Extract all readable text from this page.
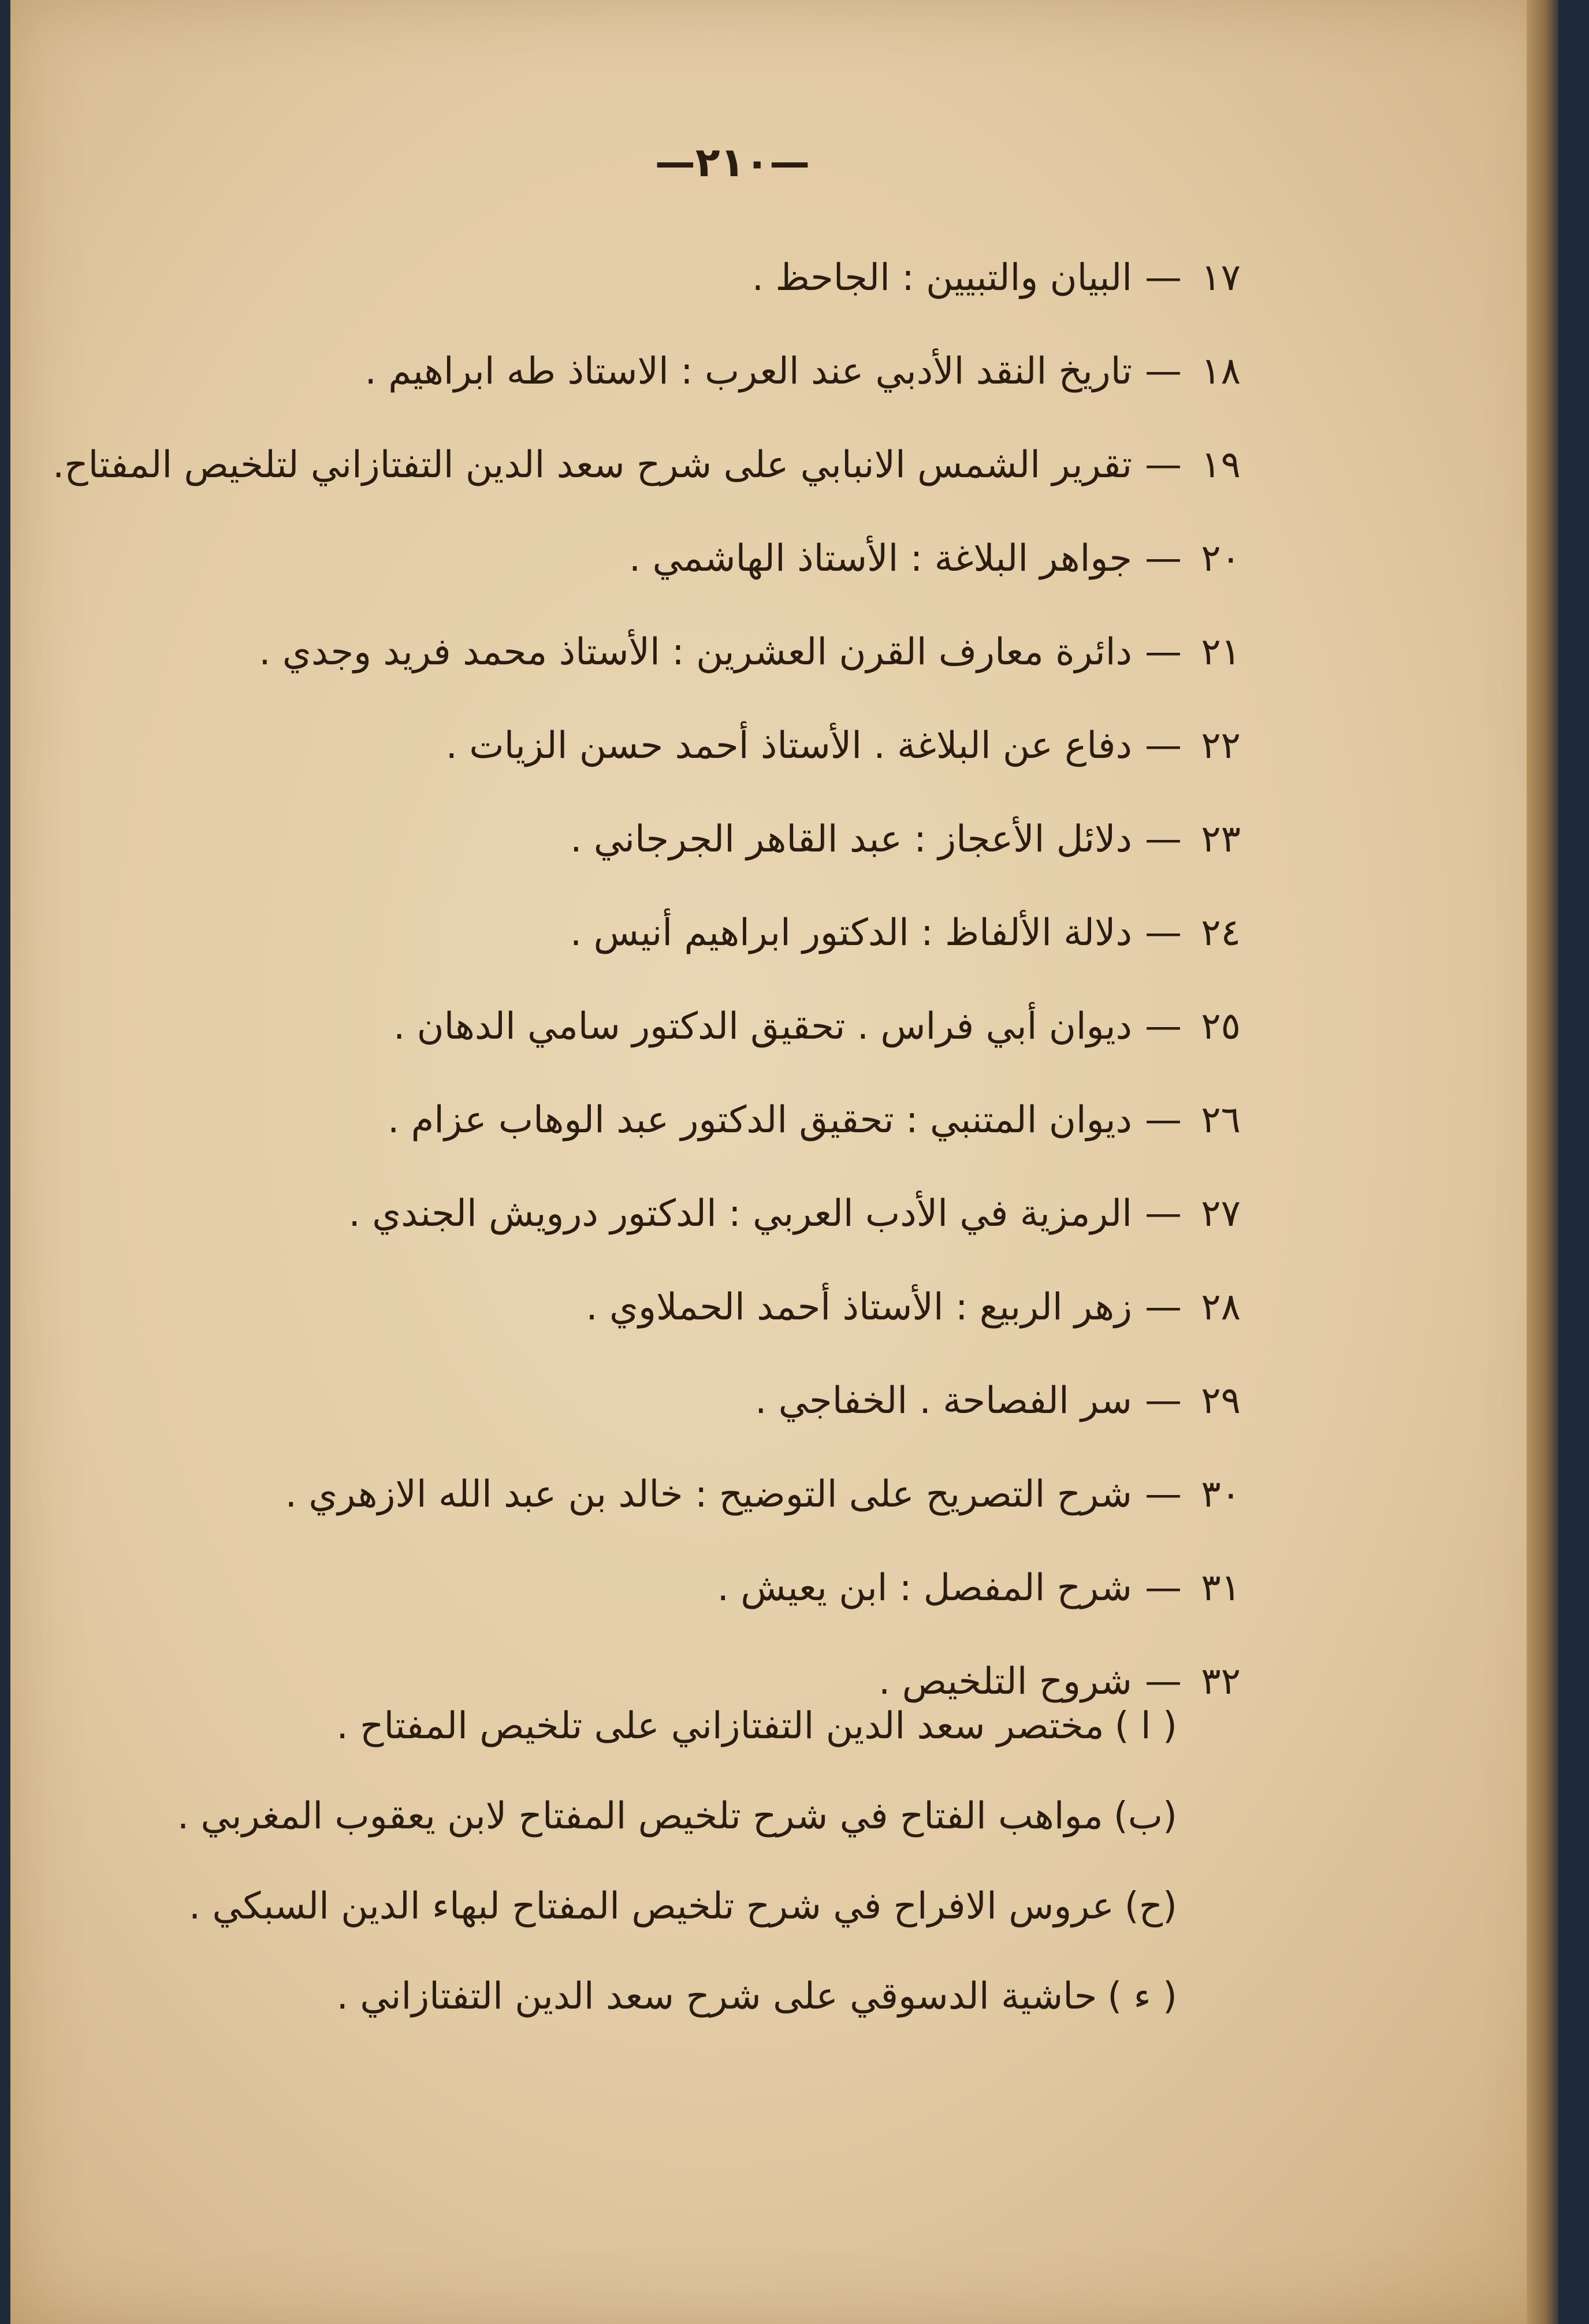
—٢١٠—
١٧—البيان والتبيين : الجاحظ .
١٨—تاريخ النقد الأدبي عند العرب : الاستاذ طه ابراهيم .
١٩—تقرير الشمس الانبابي على شرح سعد الدين التفتازاني لتلخيص المفتاح.
٢٠—جواهر البلاغة : الأستاذ الهاشمي .
٢١—دائرة معارف القرن العشرين : الأستاذ محمد فريد وجدي .
٢٢—دفاع عن البلاغة . الأستاذ أحمد حسن الزيات .
٢٣—دلائل الأعجاز : عبد القاهر الجرجاني .
٢٤—دلالة الألفاظ : الدكتور ابراهيم أنيس .
٢٥—ديوان أبي فراس . تحقيق الدكتور سامي الدهان .
٢٦—ديوان المتنبي : تحقيق الدكتور عبد الوهاب عزام .
٢٧—الرمزية في الأدب العربي : الدكتور درويش الجندي .
٢٨—زهر الربيع : الأستاذ أحمد الحملاوي .
٢٩—سر الفصاحة . الخفاجي .
٣٠—شرح التصريح على التوضيح : خالد بن عبد الله الازهري .
٣١—شرح المفصل : ابن يعيش .
٣٢—شروح التلخيص .
( ا )مختصر سعد الدين التفتازاني على تلخيص المفتاح .
(ب)مواهب الفتاح في شرح تلخيص المفتاح لابن يعقوب المغربي .
(ح)عروس الافراح في شرح تلخيص المفتاح لبهاء الدين السبكي .
( ء )حاشية الدسوقي على شرح سعد الدين التفتازاني .
